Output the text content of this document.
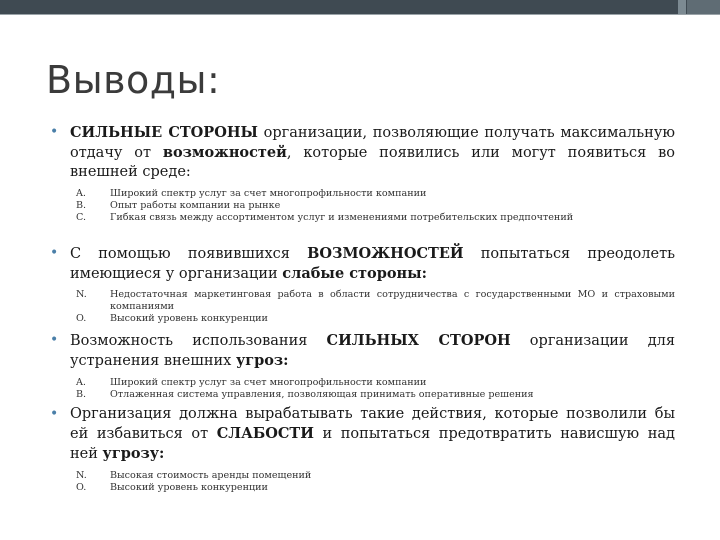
Выводы:
• СИЛЬНЫЕ СТОРОНЫ организации, позволяющие получать максимальную отдачу от возможностей, которые появились или могут появиться во внешней среде:
A.	Широкий спектр услуг за счет многопрофильности компании
B. Опыт работы компании на рынке
C. Гибкая связь между ассортиментом услуг и изменениями потребительских предпочтений
• С помощью появившихся ВОЗМОЖНОСТЕЙ попытаться преодолеть имеющиеся у организации слабые стороны:
N. Недостаточная маркетинговая работа в области сотрудничества с государственными МО и страховыми компаниями
O. Высокий уровень конкуренции
• Возможность использования СИЛЬНЫХ СТОРОН организации для устранения внешних угроз:
A.	Широкий спектр услуг за счет многопрофильности компании
B. Отлаженная система управления, позволяющая принимать оперативные решения
• Организация должна вырабатывать такие действия, которые позволили бы ей избавиться от СЛАБОСТИ и попытаться предотвратить нависшую над ней угрозу:
N. Высокая стоимость аренды помещений
O. Высокий уровень конкуренции
